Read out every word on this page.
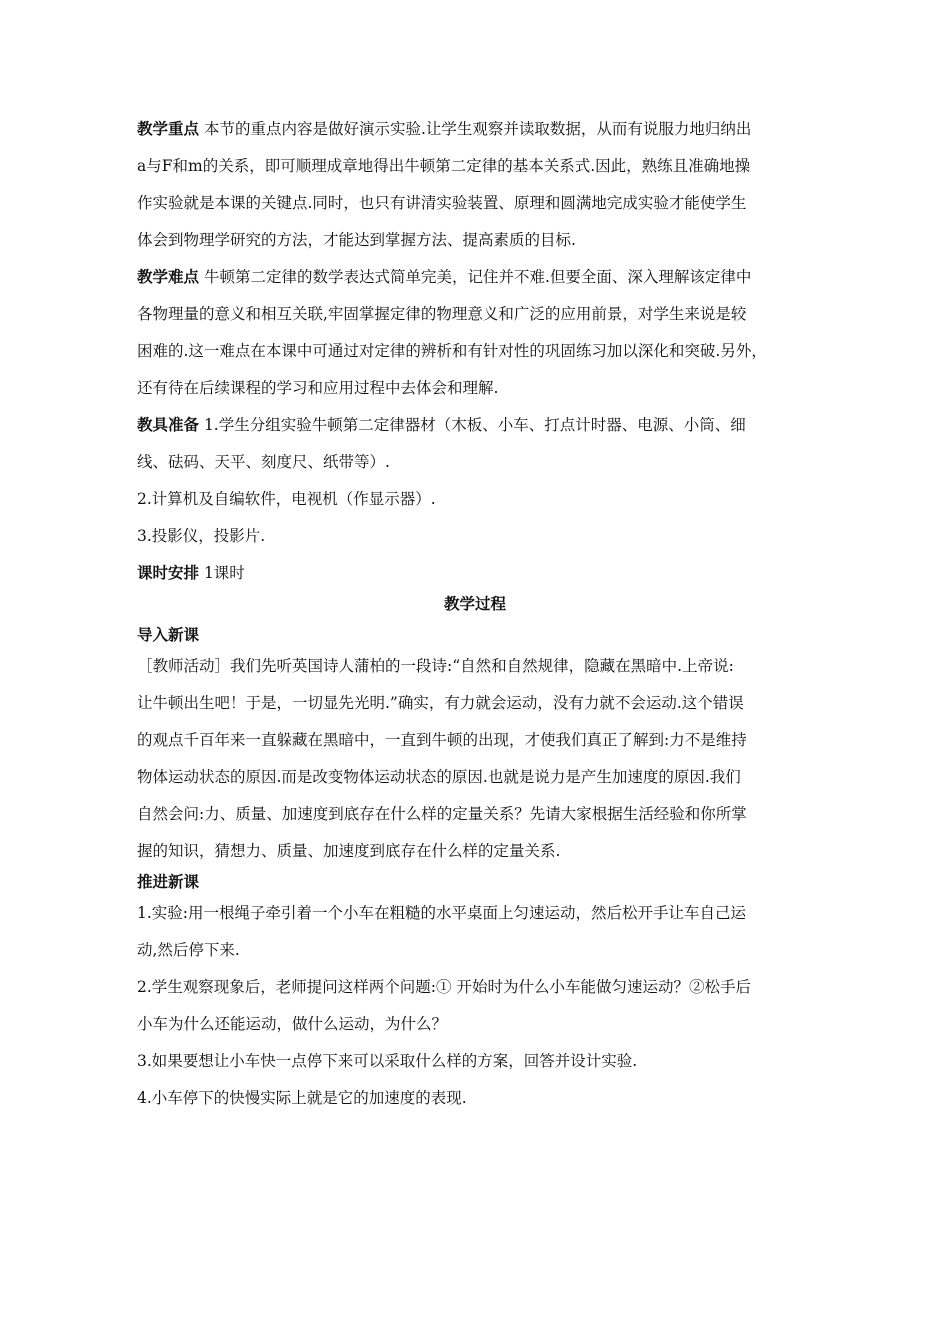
教学重点 本节的重点内容是做好演示实验.让学生观察并读取数据，从而有说服力地归纳出

a与F和m的关系，即可顺理成章地得出牛顿第二定律的基本关系式.因此，熟练且准确地操

作实验就是本课的关键点.同时，也只有讲清实验装置、原理和圆满地完成实验才能使学生

体会到物理学研究的方法，才能达到掌握方法、提高素质的目标.

教学难点 牛顿第二定律的数学表达式简单完美，记住并不难.但要全面、深入理解该定律中

各物理量的意义和相互关联,牢固掌握定律的物理意义和广泛的应用前景，对学生来说是较

困难的.这一难点在本课中可通过对定律的辨析和有针对性的巩固练习加以深化和突破.另外，

还有待在后续课程的学习和应用过程中去体会和理解.

教具准备 1.学生分组实验牛顿第二定律器材（木板、小车、打点计时器、电源、小筒、细

线、砝码、天平、刻度尺、纸带等）.

2.计算机及自编软件，电视机（作显示器）.

3.投影仪，投影片.

课时安排 1课时

教学过程

导入新课

［教师活动］我们先听英国诗人蒲柏的一段诗:“自然和自然规律，隐藏在黑暗中.上帝说:

让牛顿出生吧！于是，一切显先光明.”确实，有力就会运动，没有力就不会运动.这个错误

的观点千百年来一直躲藏在黑暗中，一直到牛顿的出现，才使我们真正了解到:力不是维持

物体运动状态的原因.而是改变物体运动状态的原因.也就是说力是产生加速度的原因.我们

自然会问:力、质量、加速度到底存在什么样的定量关系？先请大家根据生活经验和你所掌

握的知识，猜想力、质量、加速度到底存在什么样的定量关系.

推进新课

1.实验:用一根绳子牵引着一个小车在粗糙的水平桌面上匀速运动，然后松开手让车自己运

动,然后停下来.

2.学生观察现象后，老师提问这样两个问题:① 开始时为什么小车能做匀速运动？②松手后

小车为什么还能运动，做什么运动，为什么？

3.如果要想让小车快一点停下来可以采取什么样的方案，回答并设计实验.

4.小车停下的快慢实际上就是它的加速度的表现.
